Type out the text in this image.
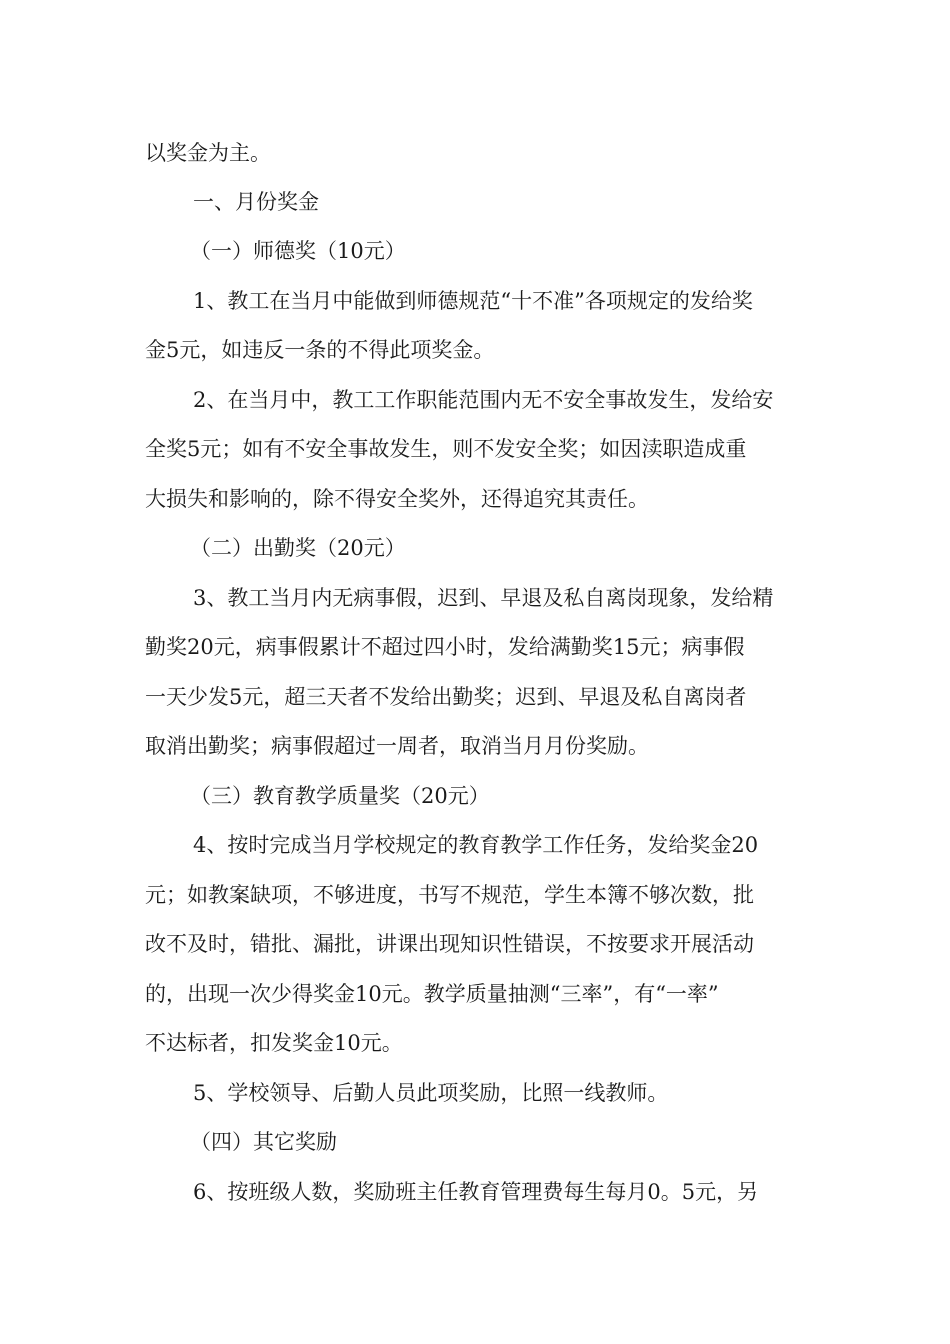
以奖金为主。

一、月份奖金

（一）师德奖（10元）

1、教工在当月中能做到师德规范“十不准”各项规定的发给奖

金5元，如违反一条的不得此项奖金。

2、在当月中，教工工作职能范围内无不安全事故发生，发给安

全奖5元；如有不安全事故发生，则不发安全奖；如因渎职造成重

大损失和影响的，除不得安全奖外，还得追究其责任。

（二）出勤奖（20元）

3、教工当月内无病事假，迟到、早退及私自离岗现象，发给精

勤奖20元，病事假累计不超过四小时，发给满勤奖15元；病事假

一天少发5元，超三天者不发给出勤奖；迟到、早退及私自离岗者

取消出勤奖；病事假超过一周者，取消当月月份奖励。

（三）教育教学质量奖（20元）

4、按时完成当月学校规定的教育教学工作任务，发给奖金20

元；如教案缺项，不够进度，书写不规范，学生本簿不够次数，批

改不及时，错批、漏批，讲课出现知识性错误，不按要求开展活动

的，出现一次少得奖金10元。教学质量抽测“三率”，有“一率”

不达标者，扣发奖金10元。

5、学校领导、后勤人员此项奖励，比照一线教师。

（四）其它奖励

6、按班级人数，奖励班主任教育管理费每生每月0。5元，另
